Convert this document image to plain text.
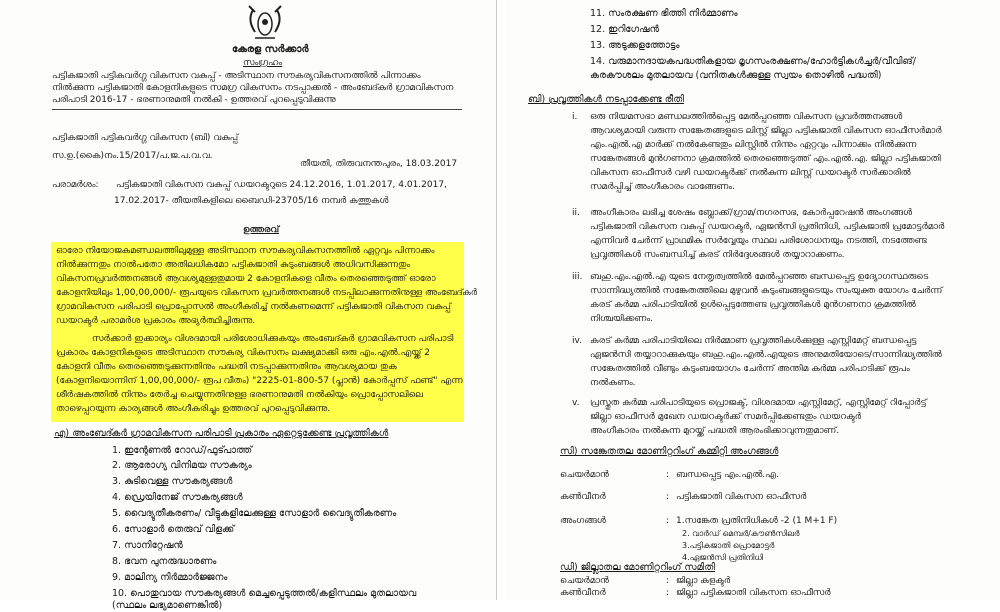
കേരള സർക്കാർ
സംഗ്രഹം
പട്ടികജാതി പട്ടികവർഗ്ഗ വികസന വകുപ്പ് - അടിസ്ഥാന സൗകര്യവികസനത്തിൽ പിന്നാക്കം
നിൽക്കുന്ന പട്ടികജാതി കോളനികളുടെ സമഗ്ര വികസനം നടപ്പാക്കൽ - അംബേദ്കർ ഗ്രാമവികസന
പരിപാടി 2016-17 - ഭരണാനുമതി നൽകി - ഉത്തരവ് പുറപ്പെടുവിക്കുന്നു
പട്ടികജാതി പട്ടികവർഗ്ഗ വികസന (ബി) വകുപ്പ്
സ.ഉ.(കൈ)നം.15/2017/പ.ജ.പ.വ.വ.
തീയതി, തിരുവനന്തപുരം, 18.03.2017
പരാമർശം: പട്ടികജാതി വികസന വകുപ്പ് ഡയറക്ടറുടെ 24.12.2016, 1.01.2017, 4.01.2017,
17.02.2017- തീയതികളിലെ ബൈഡി-23705/16 നമ്പർ കത്തുകൾ
ഉത്തരവ്
ഓരോ നിയോജകമണ്ഡലത്തിലുമുള്ള അടിസ്ഥാന സൗകര്യവികസനത്തിൽ ഏറ്റവും പിന്നാക്കം
നിൽക്കുന്നതും നാൽപതോ അതിലധികമോ പട്ടികജാതി കുടുംബങ്ങൾ അധിവസിക്കുന്നതും
വികസനപ്രവർത്തനങ്ങൾ ആവശ്യമുള്ളതുമായ 2 കോളനികളെ വീതം തെരഞ്ഞെടുത്ത് ഓരോ
കോളനിയിലും 1,00,00,000/- രൂപയുടെ വികസന പ്രവർത്തനങ്ങൾ നടപ്പിലാക്കുന്നതിനുള്ള അംബേദ്കർ
ഗ്രാമവികസന പരിപാടി പ്രൊപ്പോസൽ അംഗീകരിച്ച് നൽകണമെന്ന് പട്ടികജാതി വികസന വകുപ്പ്
ഡയറക്ടർ പരാമർശ പ്രകാരം അഭ്യർത്ഥിച്ചിരുന്നു.
സർക്കാർ ഇക്കാര്യം വിശദമായി പരിശോധിക്കുകയും അംബേദ്കർ ഗ്രാമവികസന പരിപാടി
പ്രകാരം കോളനികളുടെ അടിസ്ഥാന സൗകര്യ വികസനം ലക്ഷ്യമാക്കി ഒരു എം.എൽ.എയ്ക്ക് 2
കോളനി വീതം തെരഞ്ഞെടുക്കുന്നതിനും പദ്ധതി നടപ്പാക്കുന്നതിനും ആവശ്യമായ തുക
(കോളനിയൊന്നിന് 1,00,00,000/- രൂപ വീതം) "2225-01-800-57 (പ്ലാൻ) കോർപ്പസ് ഫണ്ട്" എന്ന
ശീർഷകത്തിൽ നിന്നും തേർച്ച ചെയ്യുന്നതിനുള്ള ഭരണാനുമതി നൽകിയും പ്രൊപ്പോസലിലെ
താഴെപ്പറയുന്ന കാര്യങ്ങൾ അംഗീകരിച്ചും ഉത്തരവ് പുറപ്പെടുവിക്കുന്നു.
എ) അംബേദ്കർ ഗ്രാമവികസന പരിപാടി പ്രകാരം ഏറ്റെടുക്കേണ്ട പ്രവൃത്തികൾ
1. ഇന്റേണൽ റോഡ്/ഫുട്പാത്ത്
2. ആരോഗ്യ വിനിമയ സൗകര്യം
3. കുടിവെള്ള സൗകര്യങ്ങൾ
4. ഡ്രെയിനേജ് സൗകര്യങ്ങൾ
5. വൈദ്യുതീകരണം/ വീട്ടുകളിലേക്കുള്ള സോളാർ വൈദ്യുതീകരണം
6. സോളാർ തെരുവ് വിളക്ക്
7. സാനിറ്റേഷൻ
8. ഭവന പുനരുദ്ധാരണം
9. മാലിന്യ നിർമ്മാർജ്ജനം
10. പൊതുവായ സൗകര്യങ്ങൾ മെച്ചപ്പെടുത്തൽ/കളിസ്ഥലം മുതലായവ
(സ്ഥലം ലഭ്യമാണെങ്കിൽ)
11. സംരക്ഷണ ഭിത്തി നിർമ്മാണം
12. ഇറിഗേഷൻ
13. അടുക്കളത്തോട്ടം
14. വരുമാനദായകപദ്ധതികളായ മൃഗസംരക്ഷണം/ഹോർട്ടികൾച്ചർ/വീവിങ്/
കരകൗശലം മുതലായവ (വനിതകൾക്കുള്ള സ്വയം തൊഴിൽ പദ്ധതി)
ബി) പ്രവൃത്തികൾ നടപ്പാക്കേണ്ട രീതി
i. ഒരു നിയമസഭാ മണ്ഡലത്തിൽപ്പെട്ട മേൽപ്പറഞ്ഞ വികസന പ്രവർത്തനങ്ങൾ
ആവശ്യമായി വരുന്ന സങ്കേതങ്ങളുടെ ലിസ്റ്റ് ജില്ലാ പട്ടികജാതി വികസന ഓഫീസർമാർ
എം.എൽ.എ മാർക്ക് നൽകേണ്ടതും ലിസ്റ്റിൽ നിന്നും ഏറ്റവും പിന്നാക്കം നിൽക്കുന്ന
സങ്കേതങ്ങൾ മുൻഗണനാ ക്രമത്തിൽ തെരഞ്ഞെടുത്ത് എം.എൽ.എ. ജില്ലാ പട്ടികജാതി
വികസന ഓഫീസർ വഴി ഡയറക്ടർക്ക് നൽകുന്ന ലിസ്റ്റ് ഡയറക്ടർ സർക്കാരിൽ
സമർപ്പിച്ച് അംഗീകാരം വാങ്ങേണം.
ii. അംഗീകാരം ലഭിച്ച ശേഷം ബ്ലോക്ക്/ഗ്രാമ/നഗരസഭ, കോർപ്പറേഷൻ അംഗങ്ങൾ
പട്ടികജാതി വികസന വകുപ്പ് ഡയറക്ടർ, ഏജൻസി പ്രതിനിധി, പട്ടികജാതി പ്രമോട്ടർമാർ
എന്നിവർ ചേർന്ന് പ്രാഥമിക സർവ്വേയും സ്ഥല പരിശോധനയും നടത്തി, നടത്തേണ്ട
പ്രവൃത്തികൾ സംബന്ധിച്ച് കരട് നിർദ്ദേശങ്ങൾ തയ്യാറാക്കണം.
iii. ബഹു.എം.എൽ.എ യുടെ നേതൃത്വത്തിൽ മേൽപ്പറഞ്ഞ ബന്ധപ്പെട്ട ഉദ്യോഗസ്ഥരുടെ
സാന്നിദ്ധ്യത്തിൽ സങ്കേതത്തിലെ മുഴുവൻ കുടുംബങ്ങളുടെയും സംയുക്ത യോഗം ചേർന്ന്
കരട് കർമ്മ പരിപാടിയിൽ ഉൾപ്പെടുത്തേണ്ട പ്രവൃത്തികൾ മുൻഗണനാ ക്രമത്തിൽ
നിശ്ചയിക്കണം.
iv. കരട് കർമ്മ പരിപാടിയിലെ നിർമ്മാണ പ്രവൃത്തികൾക്കുള്ള എസ്റ്റിമേറ്റ് ബന്ധപ്പെട്ട
ഏജൻസി തയ്യാറാക്കുകയും ബഹു.എം.എൽ.എയുടെ അനുമതിയോടെ/സാന്നിദ്ധ്യത്തിൽ
സങ്കേതത്തിൽ വീണ്ടും കുടുംബയോഗം ചേർന്ന് അന്തിമ കർമ്മ പരിപാടിക്ക് രൂപം
നൽകണം.
v. പ്രസ്തുത കർമ്മ പരിപാടിയുടെ പ്രൊജക്ട്, വിശദമായ എസ്റ്റിമേറ്റ്, എസ്റ്റിമേറ്റ് റിപ്പോർട്ട്
ജില്ലാ ഓഫീസർ മുഖേന ഡയറക്ടർക്ക് സമർപ്പിക്കേണ്ടതും ഡയറക്ടർ
അംഗീകാരം നൽകുന്ന മുറയ്ക്ക് പദ്ധതി ആരംഭിക്കാവുന്നതുമാണ്.
സി) സങ്കേതതല മോണിറ്ററിംഗ് കമ്മിറ്റി അംഗങ്ങൾ
ചെയർമാൻ	: ബന്ധപ്പെട്ട എം.എൽ.എ.
കൺവീനർ	: പട്ടികജാതി വികസന ഓഫീസർ
അംഗങ്ങൾ	: 1.സങ്കേത പ്രതിനിധികൾ -2 (1 M+1 F)
2. വാർഡ് മെമ്പർ/കൗൺസിലർ
3.പട്ടികജാതി പ്രൊമോട്ടർ
4.ഏജൻസി പ്രതിനിധി
ഡി) ജില്ലാതല മോണിറ്ററിംഗ് സമിതി
ചെയർമാൻ	: ജില്ലാ കളക്ടർ
കൺവീനർ	: ജില്ലാ പട്ടികജാതി വികസന ഓഫീസർ
